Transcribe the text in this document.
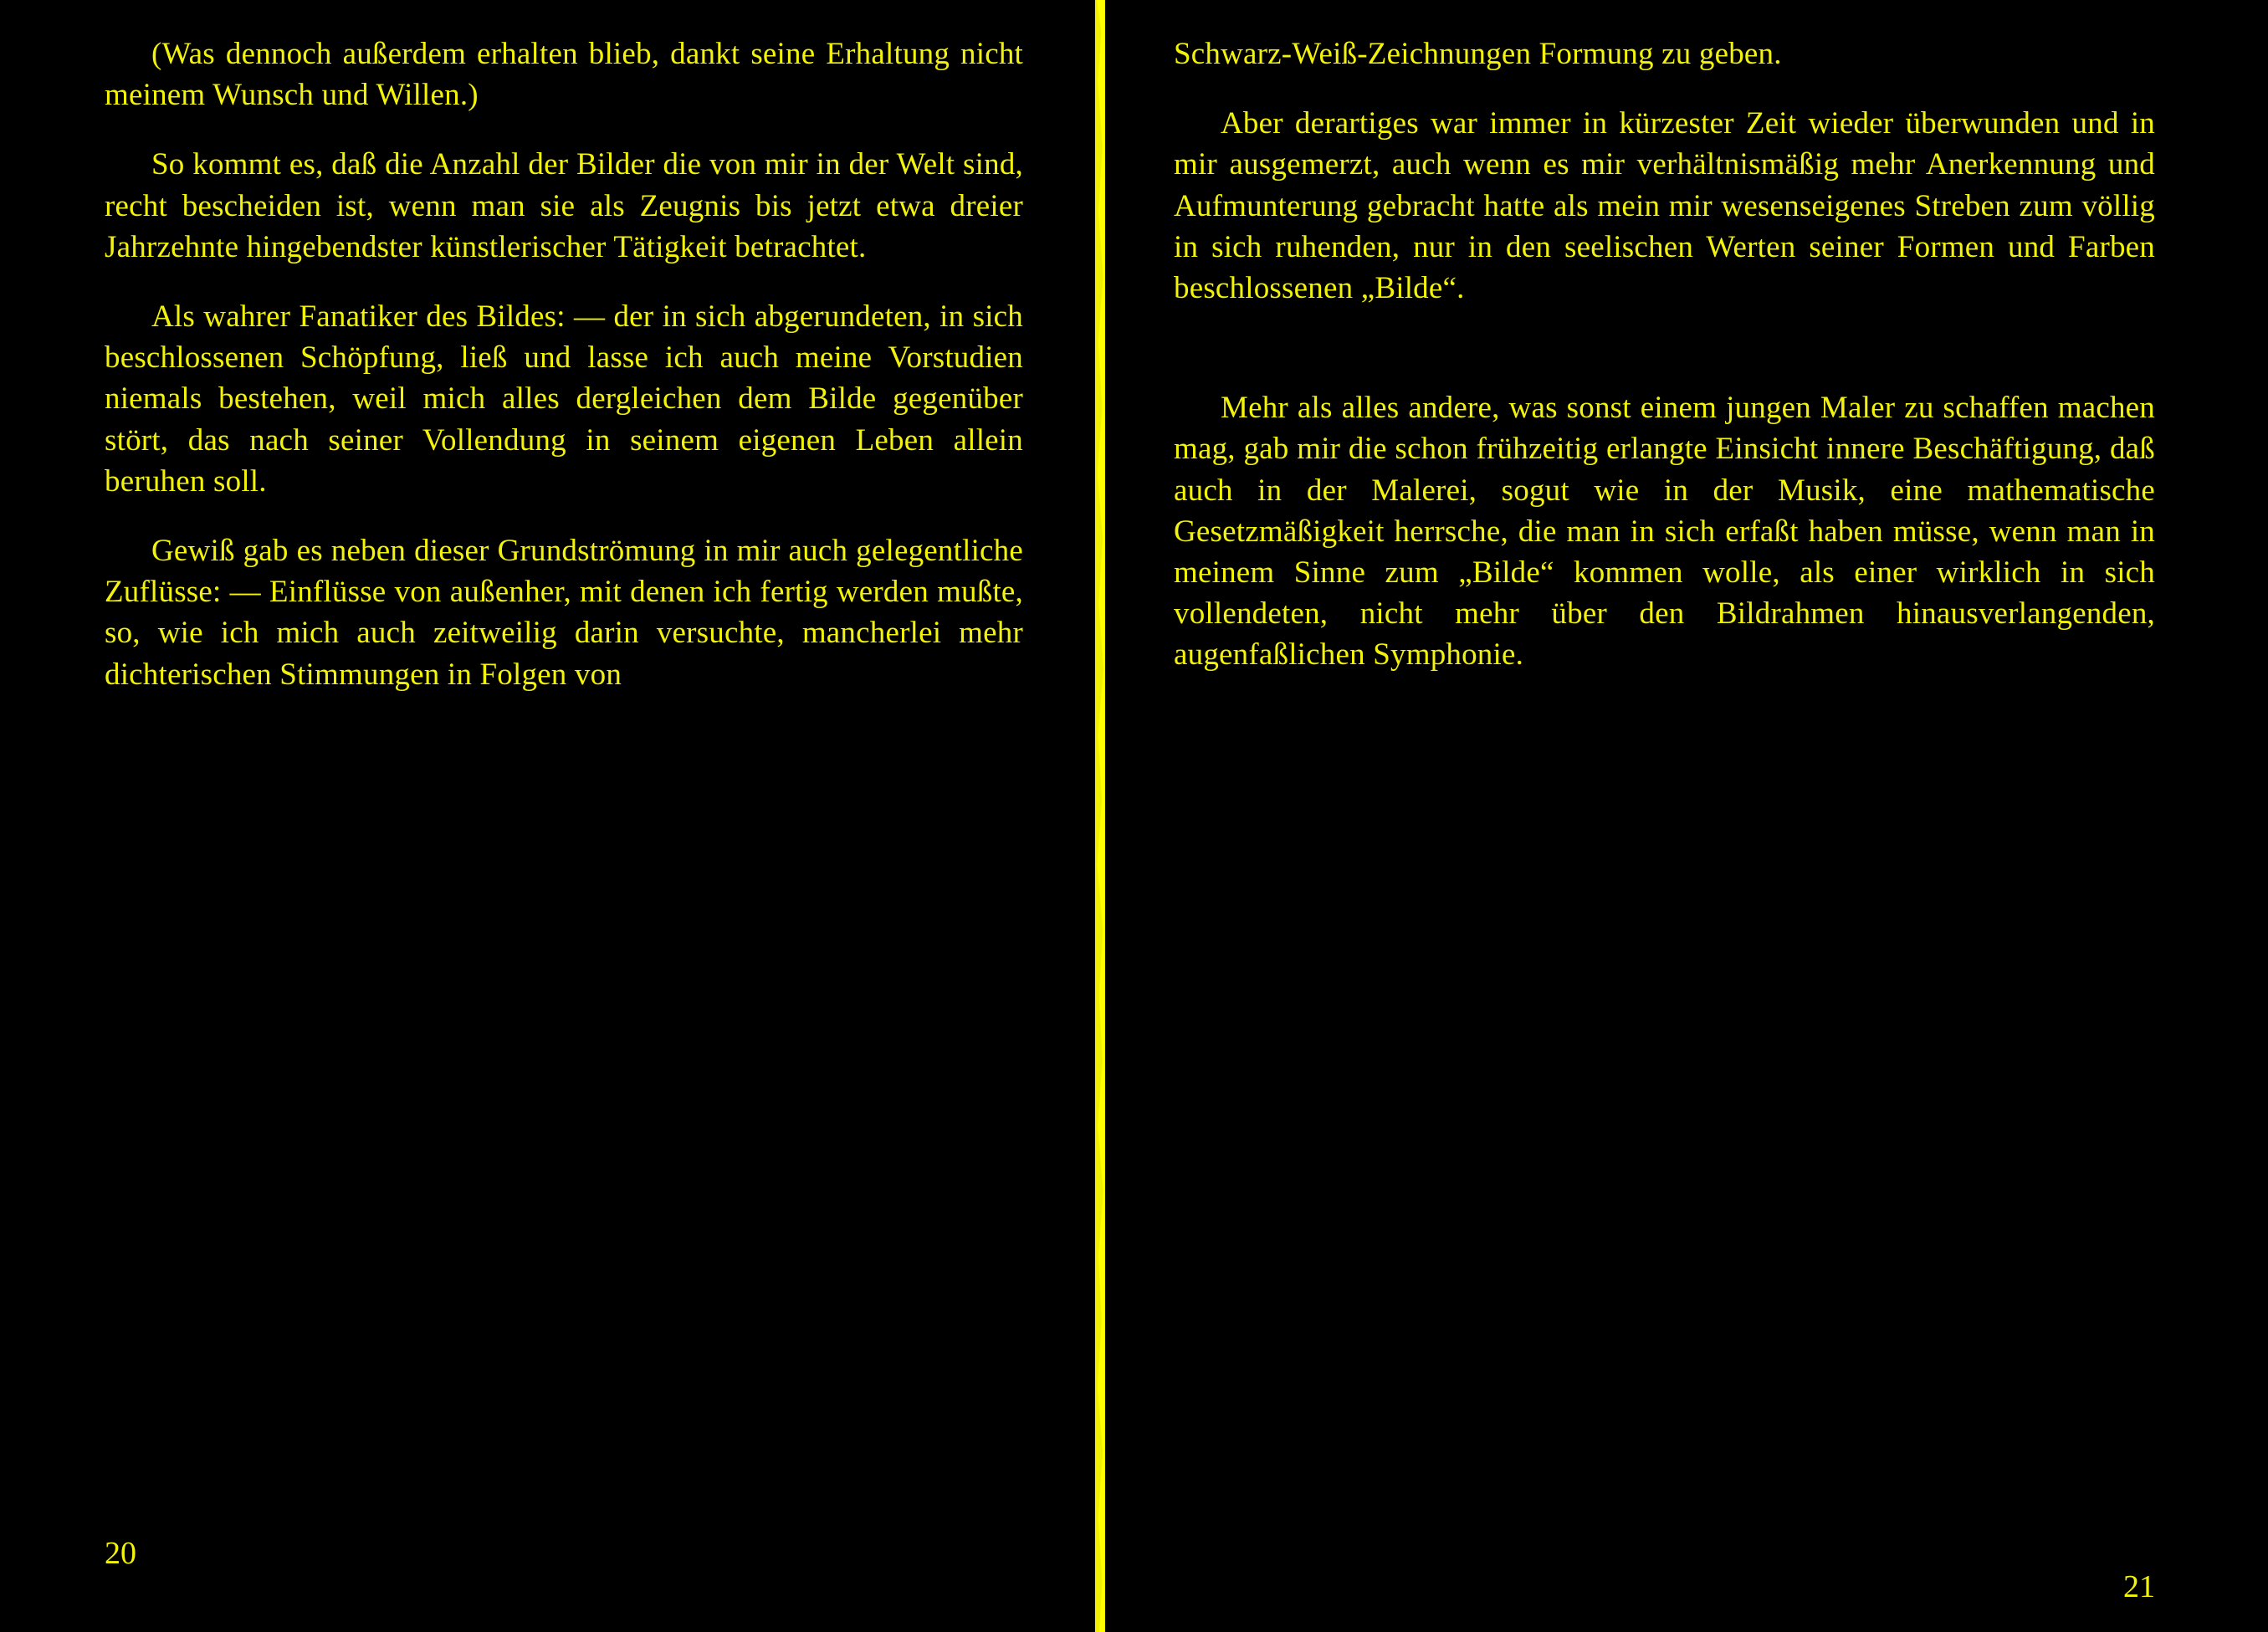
(Was dennoch außerdem erhalten blieb, dankt seine Erhaltung nicht meinem Wunsch und Willen.)

So kommt es, daß die Anzahl der Bilder die von mir in der Welt sind, recht bescheiden ist, wenn man sie als Zeugnis bis jetzt etwa dreier Jahrzehnte hingebendster künstlerischer Tätigkeit betrachtet.

Als wahrer Fanatiker des Bildes: — der in sich abgerundeten, in sich beschlossenen Schöpfung, ließ und lasse ich auch meine Vorstudien niemals bestehen, weil mich alles dergleichen dem Bilde gegenüber stört, das nach seiner Vollendung in seinem eigenen Leben allein beruhen soll.

Gewiß gab es neben dieser Grundströmung in mir auch gelegentliche Zuflüsse: — Einflüsse von außenher, mit denen ich fertig werden mußte, so, wie ich mich auch zeitweilig darin versuchte, mancherlei mehr dichterischen Stimmungen in Folgen von

20

Schwarz-Weiß-Zeichnungen Formung zu geben.

Aber derartiges war immer in kürzester Zeit wieder überwunden und in mir ausgemerzt, auch wenn es mir verhältnismäßig mehr Anerkennung und Aufmunterung gebracht hatte als mein mir wesenseigenes Streben zum völlig in sich ruhenden, nur in den seelischen Werten seiner Formen und Farben beschlossenen „Bilde“.

Mehr als alles andere, was sonst einem jungen Maler zu schaffen machen mag, gab mir die schon frühzeitig erlangte Einsicht innere Beschäftigung, daß auch in der Malerei, sogut wie in der Musik, eine mathematische Gesetzmäßigkeit herrsche, die man in sich erfaßt haben müsse, wenn man in meinem Sinne zum „Bilde“ kommen wolle, als einer wirklich in sich vollendeten, nicht mehr über den Bildrahmen hinausverlangenden, augenfaßlichen Symphonie.

21
